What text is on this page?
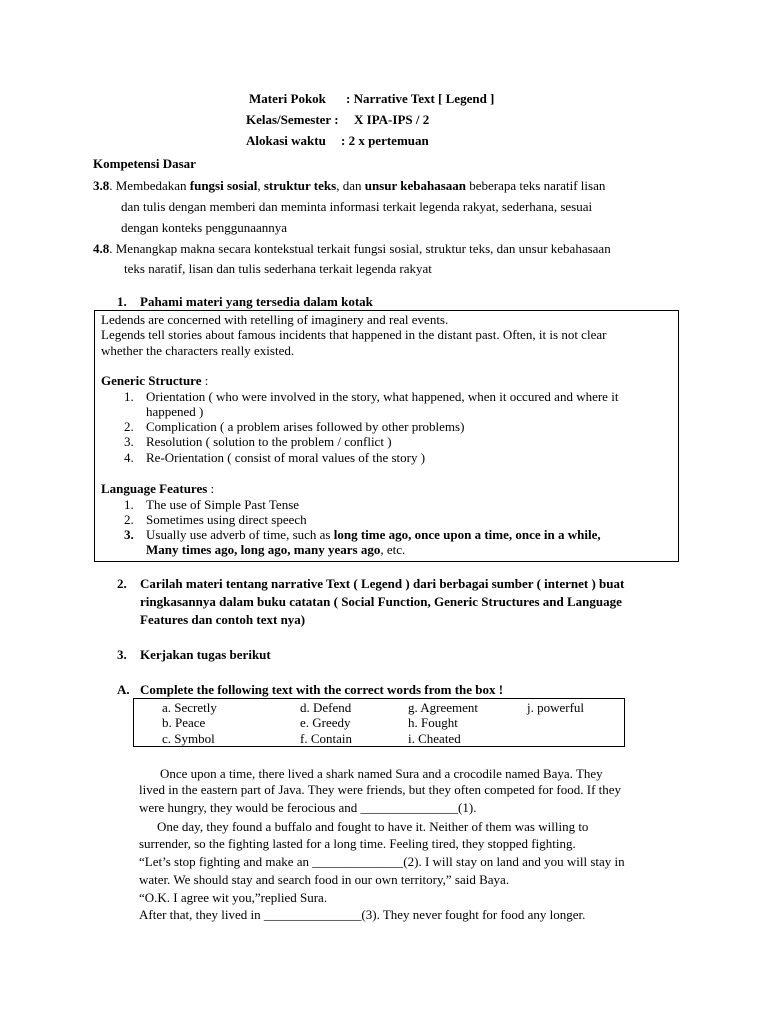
Materi Pokok : Narrative Text [ Legend ]
Kelas/Semester : X IPA-IPS / 2
Alokasi waktu : 2 x pertemuan
Kompetensi Dasar
3.8. Membedakan fungsi sosial, struktur teks, dan unsur kebahasaan beberapa teks naratif lisan
dan tulis dengan memberi dan meminta informasi terkait legenda rakyat, sederhana, sesuai
dengan konteks penggunaannya
4.8. Menangkap makna secara kontekstual terkait fungsi sosial, struktur teks, dan unsur kebahasaan
teks naratif, lisan dan tulis sederhana terkait legenda rakyat
1. Pahami materi yang tersedia dalam kotak
Ledends are concerned with retelling of imaginery and real events.
Legends tell stories about famous incidents that happened in the distant past. Often, it is not clear
whether the characters really existed.
Generic Structure :
1. Orientation ( who were involved in the story, what happened, when it occured and where it
happened )
2. Complication ( a problem arises followed by other problems)
3. Resolution ( solution to the problem / conflict )
4. Re-Orientation ( consist of moral values of the story )
Language Features :
1. The use of Simple Past Tense
2. Sometimes using direct speech
3. Usually use adverb of time, such as long time ago, once upon a time, once in a while,
Many times ago, long ago, many years ago, etc.
2. Carilah materi tentang narrative Text ( Legend ) dari berbagai sumber ( internet ) buat
ringkasannya dalam buku catatan ( Social Function, Generic Structures and Language
Features dan contoh text nya)
3. Kerjakan tugas berikut
A. Complete the following text with the correct words from the box !
a. Secretly
b. Peace
c. Symbol
d. Defend
e. Greedy
f. Contain
g. Agreement
h. Fought
i. Cheated
j. powerful
Once upon a time, there lived a shark named Sura and a crocodile named Baya. They
lived in the eastern part of Java. They were friends, but they often competed for food. If they
were hungry, they would be ferocious and _______________(1).
One day, they found a buffalo and fought to have it. Neither of them was willing to
surrender, so the fighting lasted for a long time. Feeling tired, they stopped fighting.
“Let’s stop fighting and make an ______________(2). I will stay on land and you will stay in
water. We should stay and search food in our own territory,” said Baya.
“O.K. I agree wit you,”replied Sura.
After that, they lived in _______________(3). They never fought for food any longer.
